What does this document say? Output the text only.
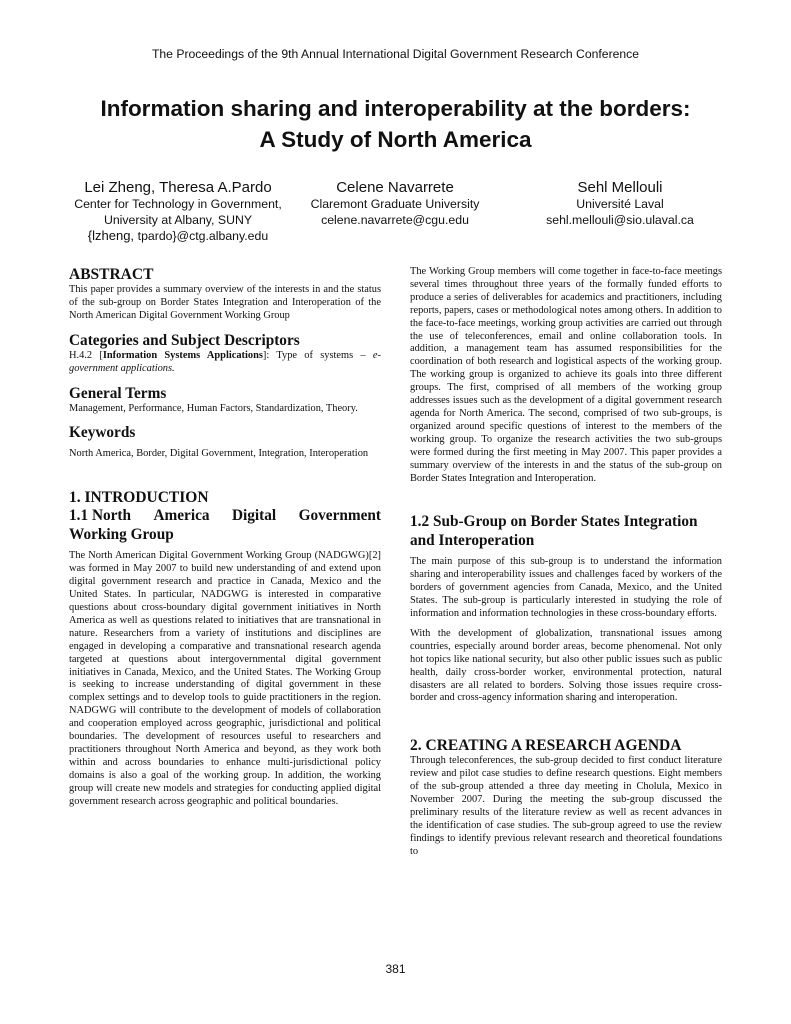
The Proceedings of the 9th Annual International Digital Government Research Conference
Information sharing and interoperability at the borders:
A Study of North America
Lei Zheng, Theresa A.Pardo
Center for Technology in Government,
University at Albany, SUNY
{lzheng, tpardo}@ctg.albany.edu
Celene Navarrete
Claremont Graduate University
celene.navarrete@cgu.edu
Sehl Mellouli
Université Laval
sehl.mellouli@sio.ulaval.ca
ABSTRACT

This paper provides a summary overview of the interests in and the status of the sub-group on Border States Integration and Interoperation of the North American Digital Government Working Group

Categories and Subject Descriptors

H.4.2 [Information Systems Applications]: Type of systems – e-government applications.

General Terms

Management, Performance, Human Factors, Standardization, Theory.

Keywords

North America, Border, Digital Government, Integration, Interoperation

1. INTRODUCTION
1.1 North America Digital Government
Working Group

The North American Digital Government Working Group (NADGWG)[2] was formed in May 2007 to build new understanding of and extend upon digital government research and practice in Canada, Mexico and the United States. In particular, NADGWG is interested in comparative questions about cross-boundary digital government initiatives in North America as well as questions related to initiatives that are transnational in nature. Researchers from a variety of institutions and disciplines are engaged in developing a comparative and transnational research agenda targeted at questions about intergovernmental digital government initiatives in Canada, Mexico, and the United States. The Working Group is seeking to increase understanding of digital government in these complex settings and to develop tools to guide practitioners in the region. NADGWG will contribute to the development of models of collaboration and cooperation employed across geographic, jurisdictional and political boundaries. The development of resources useful to researchers and practitioners throughout North America and beyond, as they work both within and across boundaries to enhance multi-jurisdictional policy domains is also a goal of the working group. In addition, the working group will create new models and strategies for conducting applied digital government research across geographic and political boundaries.

The Working Group members will come together in face-to-face meetings several times throughout three years of the formally funded efforts to produce a series of deliverables for academics and practitioners, including reports, papers, cases or methodological notes among others. In addition to the face-to-face meetings, working group activities are carried out through the use of teleconferences, email and online collaboration tools. In addition, a management team has assumed responsibilities for the coordination of both research and logistical aspects of the working group. The working group is organized to achieve its goals into three different groups. The first, comprised of all members of the working group addresses issues such as the development of a digital government research agenda for North America. The second, comprised of two sub-groups, is organized around specific questions of interest to the members of the working group. To organize the research activities the two sub-groups were formed during the first meeting in May 2007. This paper provides a summary overview of the interests in and the status of the sub-group on Border States Integration and Interoperation.

1.2 Sub-Group on Border States Integration
and Interoperation

The main purpose of this sub-group is to understand the information sharing and interoperability issues and challenges faced by workers of the borders of government agencies from Canada, Mexico, and the United States. The sub-group is particularly interested in studying the role of information and information technologies in these cross-boundary efforts.

With the development of globalization, transnational issues among countries, especially around border areas, become phenomenal. Not only hot topics like national security, but also other public issues such as public health, daily cross-border worker, environmental protection, natural disasters are all related to borders. Solving those issues require cross-border and cross-agency information sharing and interoperation.

2. CREATING A RESEARCH AGENDA

Through teleconferences, the sub-group decided to first conduct literature review and pilot case studies to define research questions. Eight members of the sub-group attended a three day meeting in Cholula, Mexico in November 2007. During the meeting the sub-group discussed the preliminary results of the literature review as well as recent advances in the identification of case studies. The sub-group agreed to use the review findings to identify previous relevant research and theoretical foundations to

381
